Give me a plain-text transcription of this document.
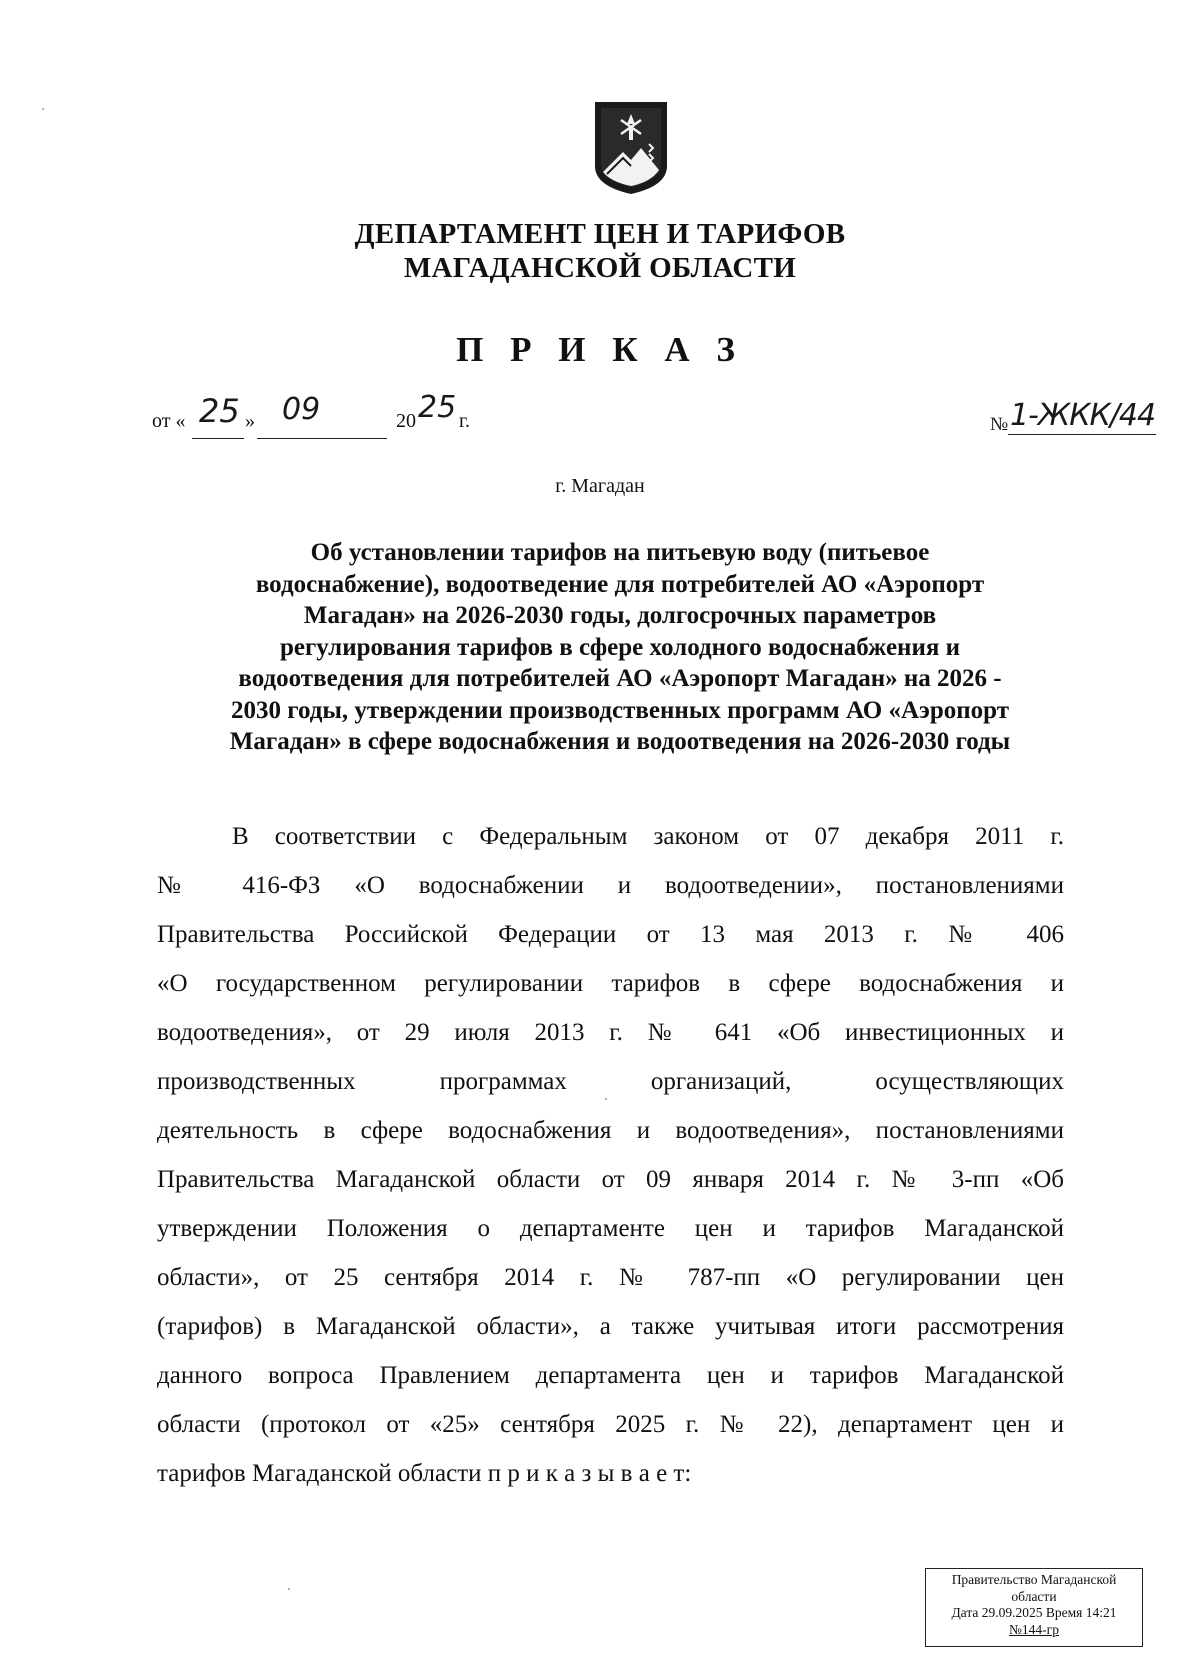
ДЕПАРТАМЕНТ ЦЕН И ТАРИФОВ
МАГАДАНСКОЙ ОБЛАСТИ
П Р И К А З
от « 25 » 09	20 25 г.	№ 1-ЖКК/44
г. Магадан
Об установлении тарифов на питьевую воду (питьевое
водоснабжение), водоотведение для потребителей АО «Аэропорт
Магадан» на 2026-2030 годы, долгосрочных параметров
регулирования тарифов в сфере холодного водоснабжения и
водоотведения для потребителей АО «Аэропорт Магадан» на 2026 -
2030 годы, утверждении производственных программ АО «Аэропорт
Магадан» в сфере водоснабжения и водоотведения на 2026-2030 годы
В соответствии с Федеральным законом от 07 декабря 2011 г.
№ 416-ФЗ «О водоснабжении и водоотведении», постановлениями
Правительства Российской Федерации от 13 мая 2013 г. № 406
«О государственном регулировании тарифов в сфере водоснабжения и
водоотведения», от 29 июля 2013 г. № 641 «Об инвестиционных и
производственных программах организаций, осуществляющих
деятельность в сфере водоснабжения и водоотведения», постановлениями
Правительства Магаданской области от 09 января 2014 г. № 3-пп «Об
утверждении Положения о департаменте цен и тарифов Магаданской
области», от 25 сентября 2014 г. № 787-пп «О регулировании цен
(тарифов) в Магаданской области», а также учитывая итоги рассмотрения
данного вопроса Правлением департамента цен и тарифов Магаданской
области (протокол от «25» сентября 2025 г. № 22), департамент цен и
тарифов Магаданской области п р и к а з ы в а е т:
Правительство Магаданской
области
Дата 29.09.2025 Время 14:21
№144-гр
